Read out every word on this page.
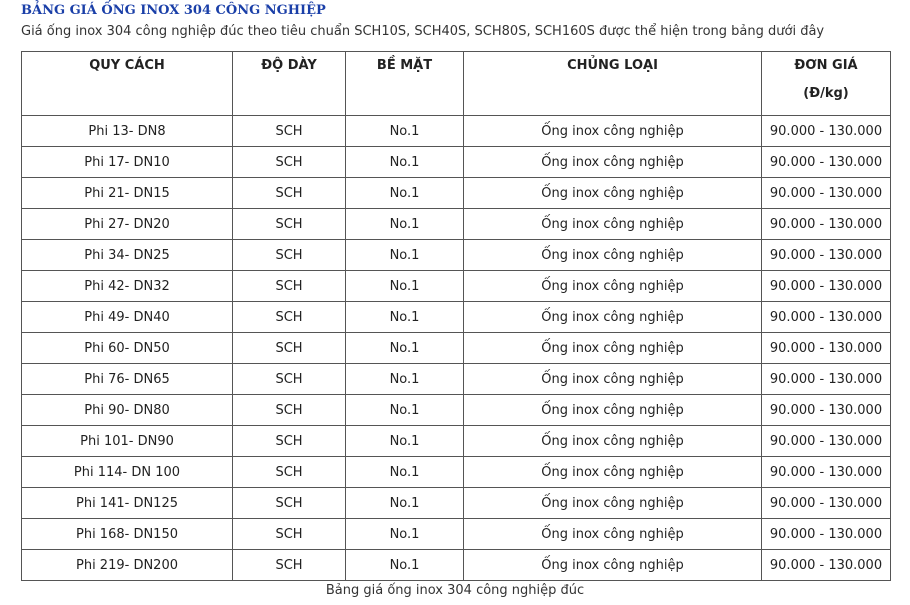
BẢNG GIÁ ỐNG INOX 304 CÔNG NGHIỆP
Giá ống inox 304 công nghiệp đúc theo tiêu chuẩn SCH10S, SCH40S, SCH80S, SCH160S được thể hiện trong bảng dưới đây
QUY CÁCH	ĐỘ DÀY	BỀ MẶT	CHỦNG LOẠI	ĐƠN GIÁ
(Đ/kg)

Phi 13- DN8	SCH	No.1	Ống inox công nghiệp	90.000 - 130.000
Phi 17- DN10	SCH	No.1	Ống inox công nghiệp	90.000 - 130.000
Phi 21- DN15	SCH	No.1	Ống inox công nghiệp	90.000 - 130.000
Phi 27- DN20	SCH	No.1	Ống inox công nghiệp	90.000 - 130.000
Phi 34- DN25	SCH	No.1	Ống inox công nghiệp	90.000 - 130.000
Phi 42- DN32	SCH	No.1	Ống inox công nghiệp	90.000 - 130.000
Phi 49- DN40	SCH	No.1	Ống inox công nghiệp	90.000 - 130.000
Phi 60- DN50	SCH	No.1	Ống inox công nghiệp	90.000 - 130.000
Phi 76- DN65	SCH	No.1	Ống inox công nghiệp	90.000 - 130.000
Phi 90- DN80	SCH	No.1	Ống inox công nghiệp	90.000 - 130.000
Phi 101- DN90	SCH	No.1	Ống inox công nghiệp	90.000 - 130.000
Phi 114- DN 100	SCH	No.1	Ống inox công nghiệp	90.000 - 130.000
Phi 141- DN125	SCH	No.1	Ống inox công nghiệp	90.000 - 130.000
Phi 168- DN150	SCH	No.1	Ống inox công nghiệp	90.000 - 130.000
Phi 219- DN200	SCH	No.1	Ống inox công nghiệp	90.000 - 130.000
Bảng giá ống inox 304 công nghiệp đúc
